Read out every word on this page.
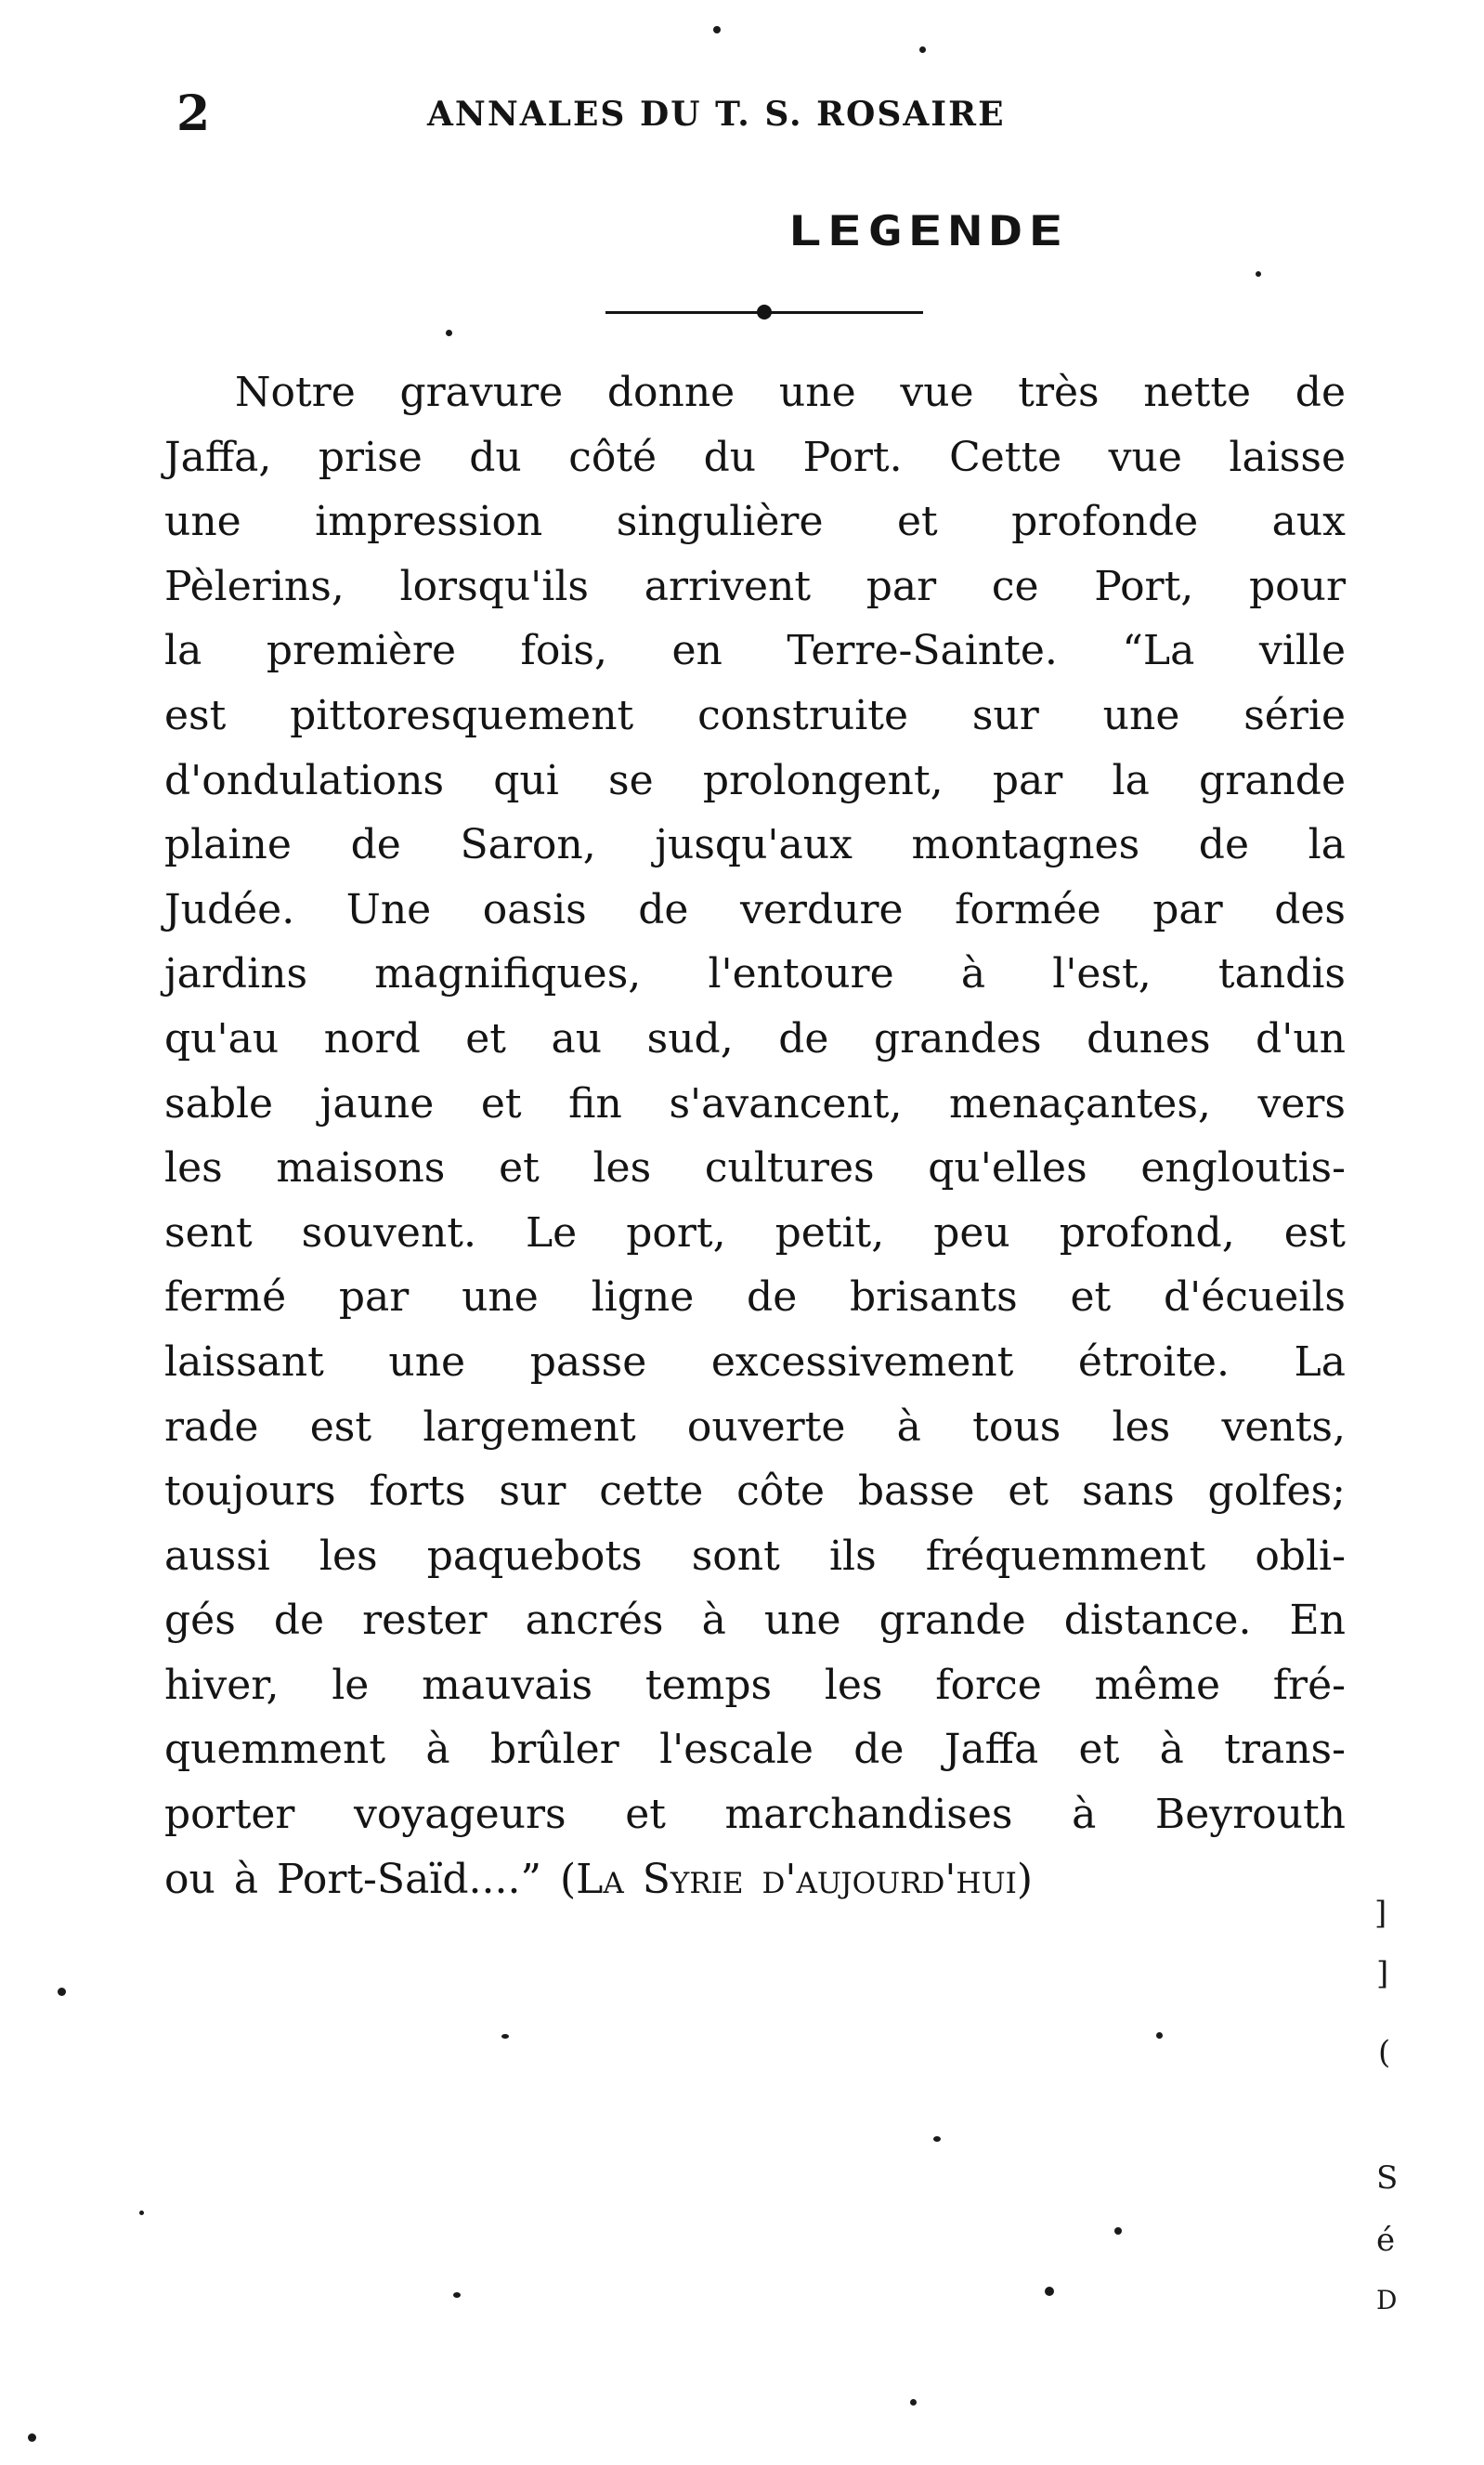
2	ANNALES DU T. S. ROSAIRE
LEGENDE
Notre gravure donne une vue très nette de
Jaffa, prise du côté du Port. Cette vue laisse
une impression singulière et profonde aux
Pèlerins, lorsqu'ils arrivent par ce Port, pour
la première fois, en Terre-Sainte. “La ville
est pittoresquement construite sur une série
d'ondulations qui se prolongent, par la grande
plaine de Saron, jusqu'aux montagnes de la
Judée. Une oasis de verdure formée par des
jardins magnifiques, l'entoure à l'est, tandis
qu'au nord et au sud, de grandes dunes d'un
sable jaune et fin s'avancent, menaçantes, vers
les maisons et les cultures qu'elles engloutis-
sent souvent. Le port, petit, peu profond, est
fermé par une ligne de brisants et d'écueils
laissant une passe excessivement étroite. La
rade est largement ouverte à tous les vents,
toujours forts sur cette côte basse et sans golfes;
aussi les paquebots sont ils fréquemment obli-
gés de rester ancrés à une grande distance. En
hiver, le mauvais temps les force même fré-
quemment à brûler l'escale de Jaffa et à trans-
porter voyageurs et marchandises à Beyrouth
ou à Port-Saïd....” (La Syrie d'aujourd'hui)
]
]
(
S
é
D
